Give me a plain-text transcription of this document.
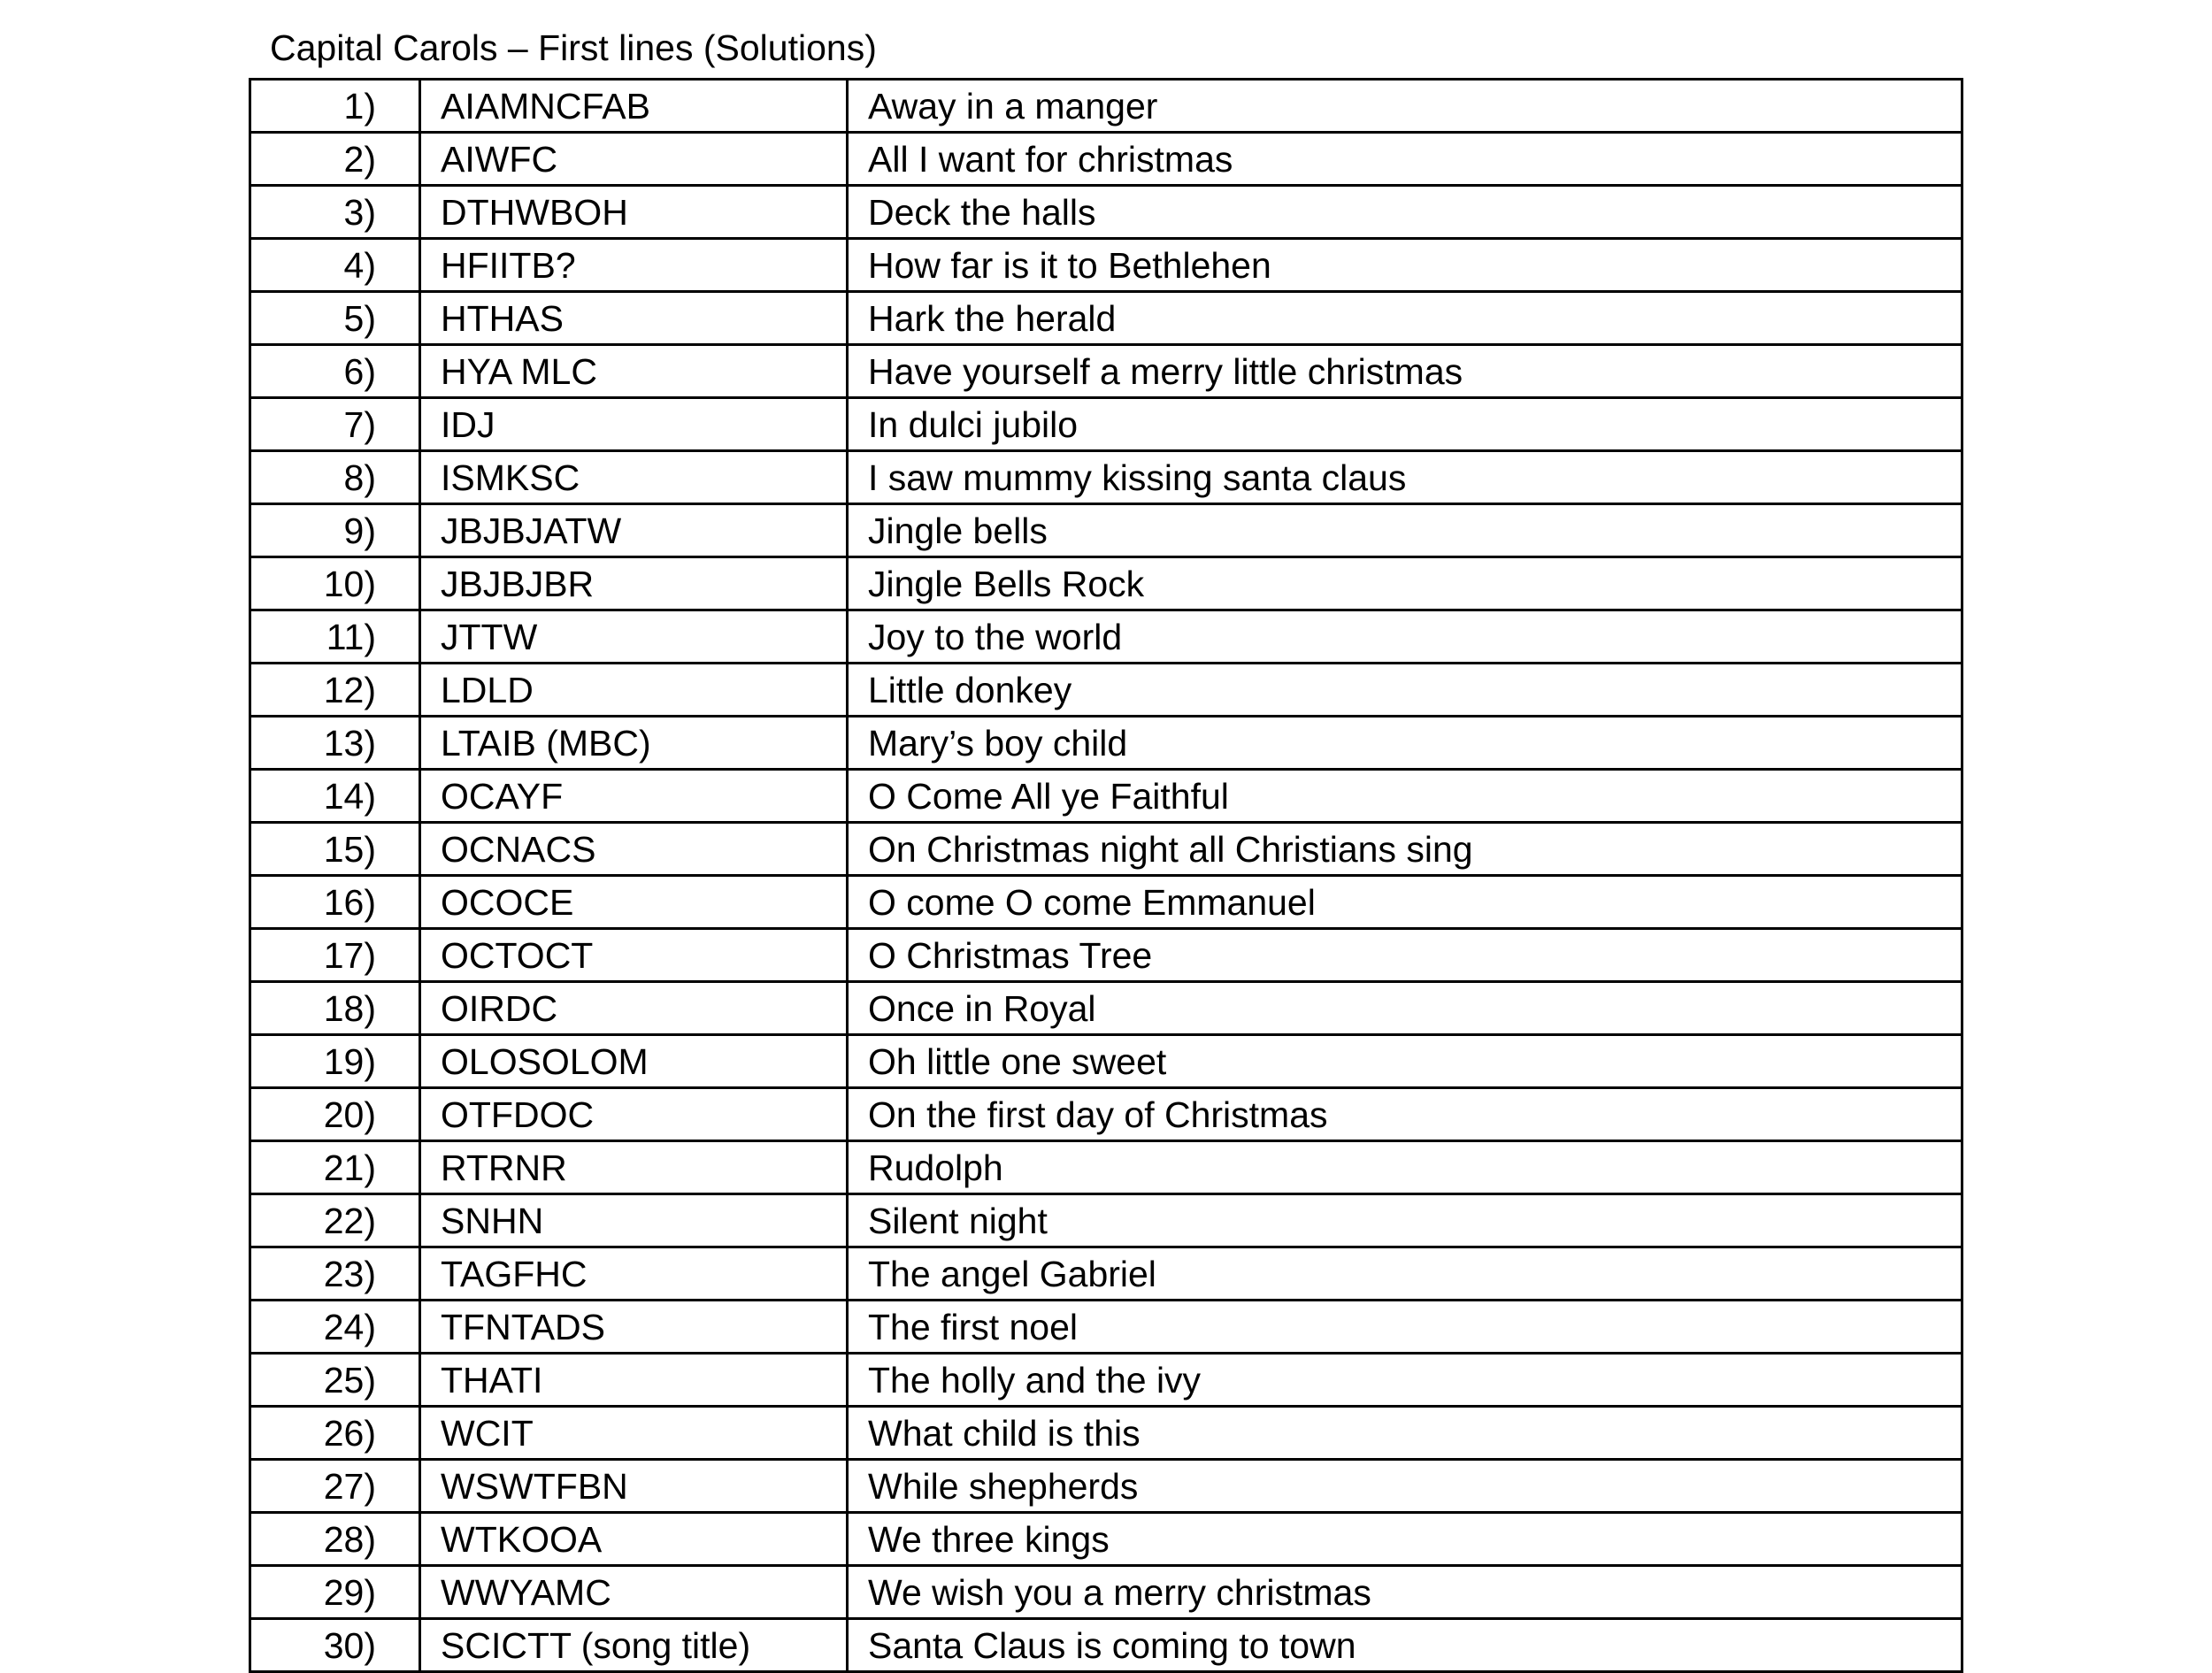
Capital Carols – First lines (Solutions)
1)	AIAMNCFAB	Away in a manger
2)	AIWFC	All I want for christmas
3)	DTHWBOH	Deck the halls
4)	HFIITB?	How far is it to Bethlehen
5)	HTHAS	Hark the herald
6)	HYA MLC	Have yourself a merry little christmas
7)	IDJ	In dulci jubilo
8)	ISMKSC	I saw mummy kissing santa claus
9)	JBJBJATW	Jingle bells
10)	JBJBJBR	Jingle Bells Rock
11)	JTTW	Joy to the world
12)	LDLD	Little donkey
13)	LTAIB (MBC)	Mary’s boy child
14)	OCAYF	O Come All ye Faithful
15)	OCNACS	On Christmas night all Christians sing
16)	OCOCE	O come O come Emmanuel
17)	OCTOCT	O Christmas Tree
18)	OIRDC	Once in Royal
19)	OLOSOLOM	Oh little one sweet
20)	OTFDOC	On the first day of Christmas
21)	RTRNR	Rudolph
22)	SNHN	Silent night
23)	TAGFHC	The angel Gabriel
24)	TFNTADS	The first noel
25)	THATI	The holly and the ivy
26)	WCIT	What child is this
27)	WSWTFBN	While shepherds
28)	WTKOOA	We three kings
29)	WWYAMC	We wish you a merry christmas
30)	SCICTT (song title)	Santa Claus is coming to town
